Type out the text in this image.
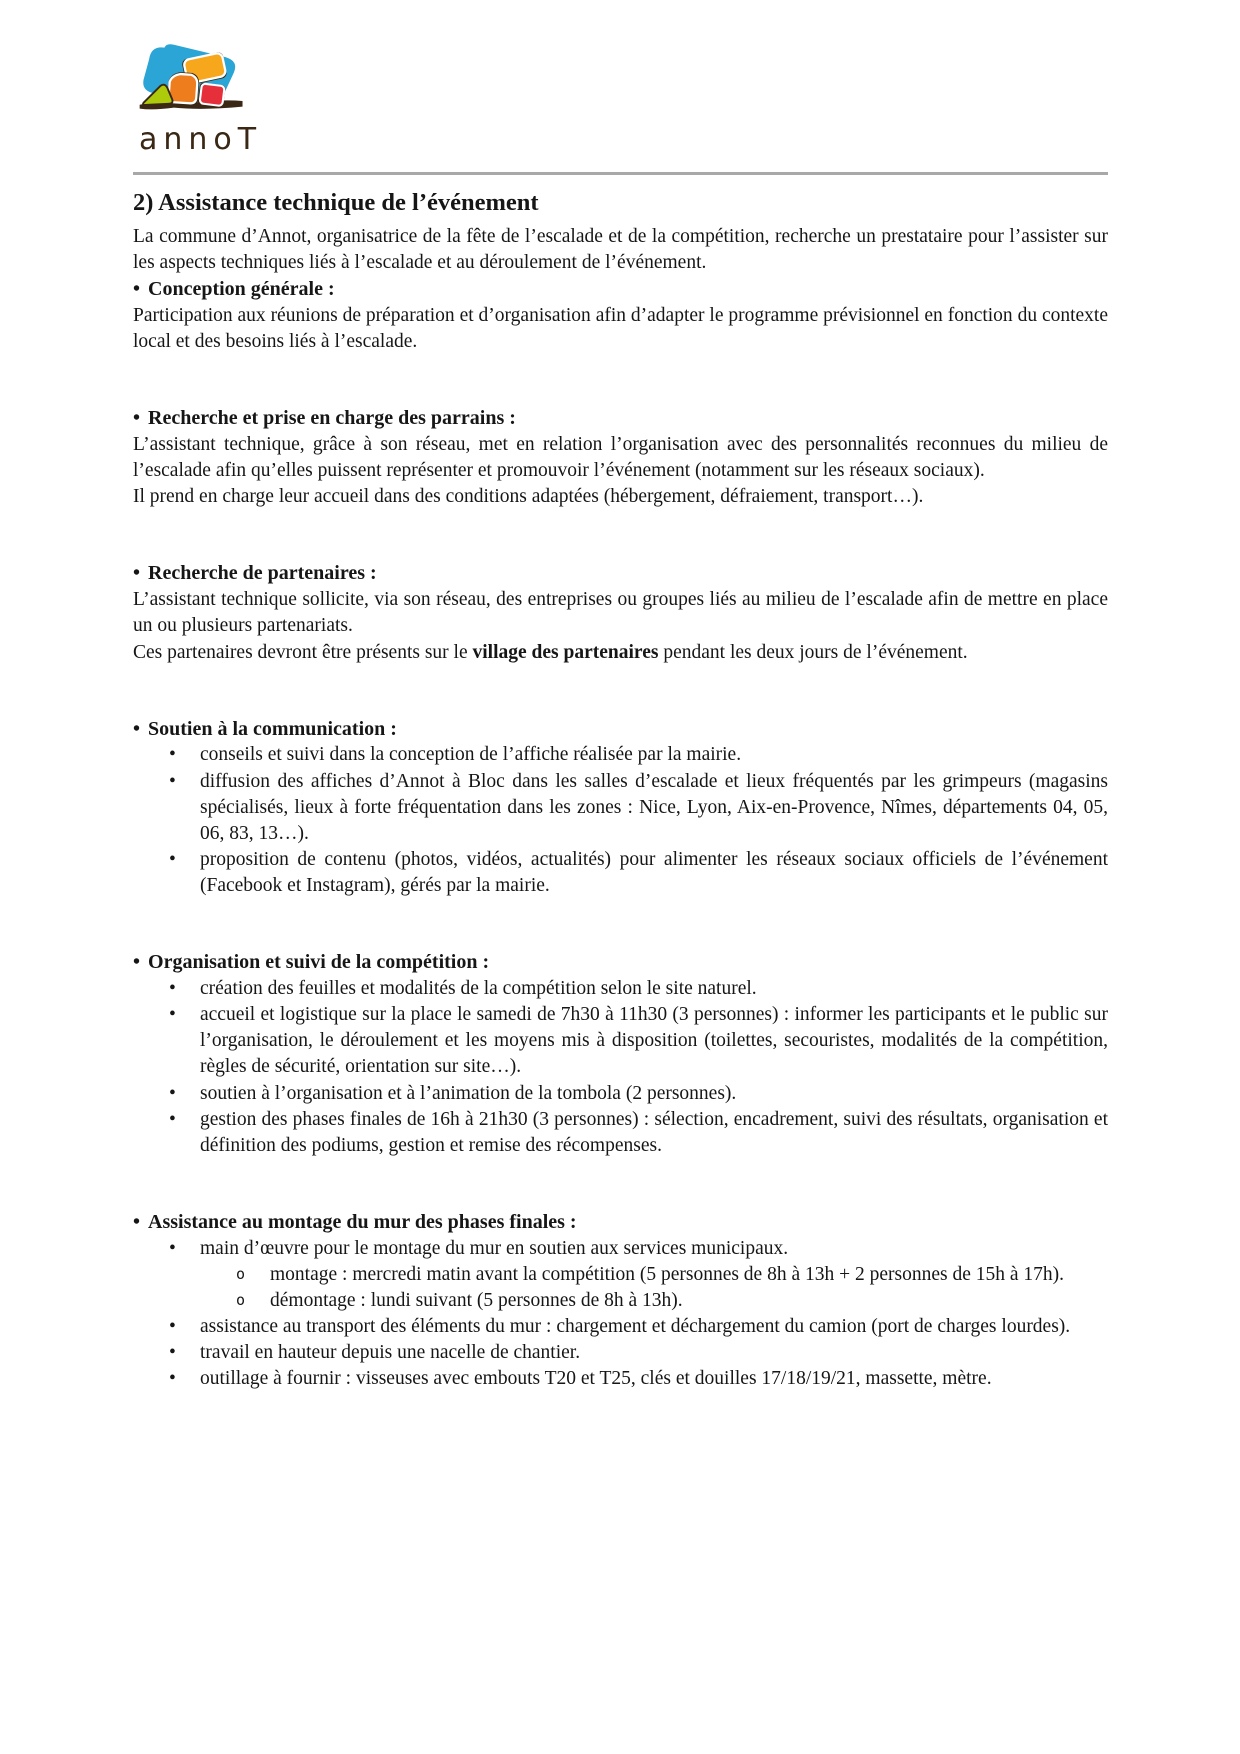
annoT
2) Assistance technique de l’événement

La commune d’Annot, organisatrice de la fête de l’escalade et de la compétition, recherche un prestataire pour l’assister sur les aspects techniques liés à l’escalade et au déroulement de l’événement.

• Conception générale :

Participation aux réunions de préparation et d’organisation afin d’adapter le programme prévisionnel en fonction du contexte local et des besoins liés à l’escalade.

• Recherche et prise en charge des parrains :

L’assistant technique, grâce à son réseau, met en relation l’organisation avec des personnalités reconnues du milieu de l’escalade afin qu’elles puissent représenter et promouvoir l’événement (notamment sur les réseaux sociaux).

Il prend en charge leur accueil dans des conditions adaptées (hébergement, défraiement, transport…).

• Recherche de partenaires :

L’assistant technique sollicite, via son réseau, des entreprises ou groupes liés au milieu de l’escalade afin de mettre en place un ou plusieurs partenariats.

Ces partenaires devront être présents sur le village des partenaires pendant les deux jours de l’événement.

• Soutien à la communication :
• conseils et suivi dans la conception de l’affiche réalisée par la mairie.
• diffusion des affiches d’Annot à Bloc dans les salles d’escalade et lieux fréquentés par les grimpeurs (magasins spécialisés, lieux à forte fréquentation dans les zones : Nice, Lyon, Aix-en-Provence, Nîmes, départements 04, 05, 06, 83, 13…).
• proposition de contenu (photos, vidéos, actualités) pour alimenter les réseaux sociaux officiels de l’événement (Facebook et Instagram), gérés par la mairie.
• Organisation et suivi de la compétition :
• création des feuilles et modalités de la compétition selon le site naturel.
• accueil et logistique sur la place le samedi de 7h30 à 11h30 (3 personnes) : informer les participants et le public sur l’organisation, le déroulement et les moyens mis à disposition (toilettes, secouristes, modalités de la compétition, règles de sécurité, orientation sur site…).
• soutien à l’organisation et à l’animation de la tombola (2 personnes).
• gestion des phases finales de 16h à 21h30 (3 personnes) : sélection, encadrement, suivi des résultats, organisation et définition des podiums, gestion et remise des récompenses.
• Assistance au montage du mur des phases finales :
• main d’œuvre pour le montage du mur en soutien aux services municipaux.
o montage : mercredi matin avant la compétition (5 personnes de 8h à 13h + 2 personnes de 15h à 17h).
o démontage : lundi suivant (5 personnes de 8h à 13h).
• assistance au transport des éléments du mur : chargement et déchargement du camion (port de charges lourdes).
• travail en hauteur depuis une nacelle de chantier.
• outillage à fournir : visseuses avec embouts T20 et T25, clés et douilles 17/18/19/21, massette, mètre.
